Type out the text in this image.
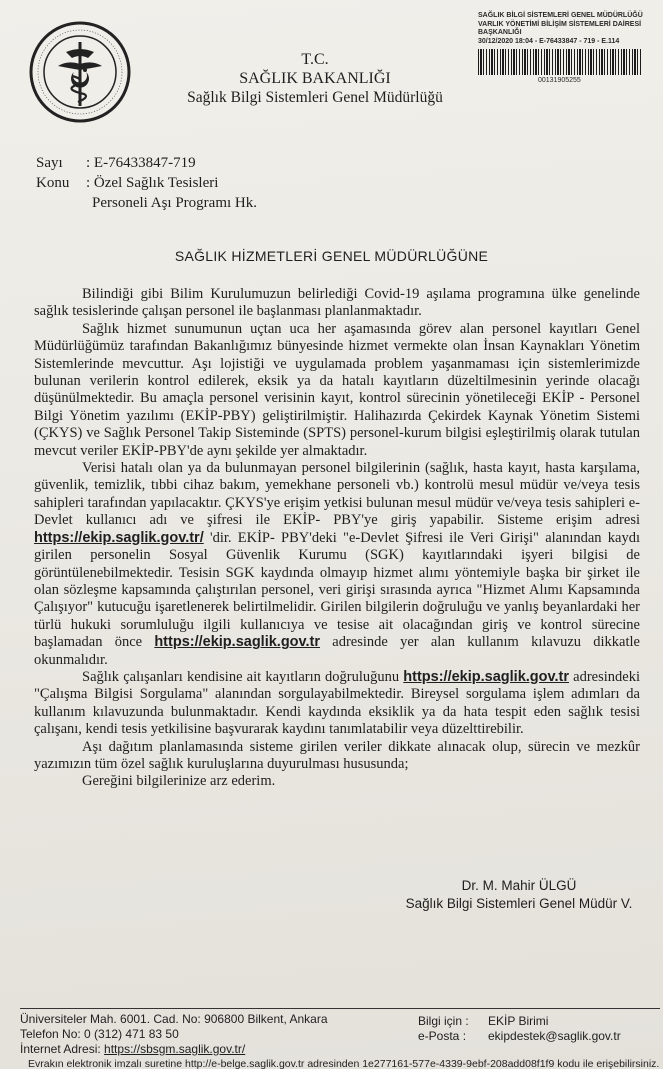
SAĞLIK BİLGİ SİSTEMLERİ GENEL MÜDÜRLÜĞÜ
VARLIK YÖNETİMİ BİLİŞİM SİSTEMLERİ DAİRESİ
BAŞKANLIĞI
30/12/2020 18:04 - E-76433847 - 719 - E.114
00131905255
T.C.
SAĞLIK BAKANLIĞI
Sağlık Bilgi Sistemleri Genel Müdürlüğü
Sayı	: E-76433847-719
Konu	: Özel Sağlık Tesisleri
Personeli Aşı Programı Hk.
SAĞLIK HİZMETLERİ GENEL MÜDÜRLÜĞÜNE

Bilindiği gibi Bilim Kurulumuzun belirlediği Covid-19 aşılama programına ülke genelinde sağlık tesislerinde çalışan personel ile başlanması planlanmaktadır.

Sağlık hizmet sunumunun uçtan uca her aşamasında görev alan personel kayıtları Genel Müdürlüğümüz tarafından Bakanlığımız bünyesinde hizmet vermekte olan İnsan Kaynakları Yönetim Sistemlerinde mevcuttur. Aşı lojistiği ve uygulamada problem yaşanmaması için sistemlerimizde bulunan verilerin kontrol edilerek, eksik ya da hatalı kayıtların düzeltilmesinin yerinde olacağı düşünülmektedir. Bu amaçla personel verisinin kayıt, kontrol sürecinin yönetileceği EKİP - Personel Bilgi Yönetim yazılımı (EKİP-PBY) geliştirilmiştir. Halihazırda Çekirdek Kaynak Yönetim Sistemi (ÇKYS) ve Sağlık Personel Takip Sisteminde (SPTS) personel-kurum bilgisi eşleştirilmiş olarak tutulan mevcut veriler EKİP-PBY'de aynı şekilde yer almaktadır.

Verisi hatalı olan ya da bulunmayan personel bilgilerinin (sağlık, hasta kayıt, hasta karşılama, güvenlik, temizlik, tıbbi cihaz bakım, yemekhane personeli vb.) kontrolü mesul müdür ve/veya tesis sahipleri tarafından yapılacaktır. ÇKYS'ye erişim yetkisi bulunan mesul müdür ve/veya tesis sahipleri e-Devlet kullanıcı adı ve şifresi ile EKİP- PBY'ye giriş yapabilir. Sisteme erişim adresi https://ekip.saglik.gov.tr/ 'dir. EKİP- PBY'deki "e-Devlet Şifresi ile Veri Girişi" alanından kaydı girilen personelin Sosyal Güvenlik Kurumu (SGK) kayıtlarındaki işyeri bilgisi de görüntülenebilmektedir. Tesisin SGK kaydında olmayıp hizmet alımı yöntemiyle başka bir şirket ile olan sözleşme kapsamında çalıştırılan personel, veri girişi sırasında ayrıca "Hizmet Alımı Kapsamında Çalışıyor" kutucuğu işaretlenerek belirtilmelidir. Girilen bilgilerin doğruluğu ve yanlış beyanlardaki her türlü hukuki sorumluluğu ilgili kullanıcıya ve tesise ait olacağından giriş ve kontrol sürecine başlamadan önce https://ekip.saglik.gov.tr adresinde yer alan kullanım kılavuzu dikkatle okunmalıdır.

Sağlık çalışanları kendisine ait kayıtların doğruluğunu https://ekip.saglik.gov.tr adresindeki "Çalışma Bilgisi Sorgulama" alanından sorgulayabilmektedir. Bireysel sorgulama işlem adımları da kullanım kılavuzunda bulunmaktadır. Kendi kaydında eksiklik ya da hata tespit eden sağlık tesisi çalışanı, kendi tesis yetkilisine başvurarak kaydını tanımlatabilir veya düzelttirebilir.

Aşı dağıtım planlamasında sisteme girilen veriler dikkate alınacak olup, sürecin ve mezkûr yazımızın tüm özel sağlık kuruluşlarına duyurulması hususunda;

Gereğini bilgilerinize arz ederim.

Dr. M. Mahir ÜLGÜ
Sağlık Bilgi Sistemleri Genel Müdür V.
Üniversiteler Mah. 6001. Cad. No: 906800 Bilkent, Ankara
Telefon No: 0 (312) 471 83 50
İnternet Adresi: https://sbsgm.saglik.gov.tr/
Bilgi için :EKİP Birimi
e-Posta :ekipdestek@saglik.gov.tr
Evrakın elektronik imzalı suretine http://e-belge.saglik.gov.tr adresinden 1e277161-577e-4339-9ebf-208add08f1f9 kodu ile erişebilirsiniz.
